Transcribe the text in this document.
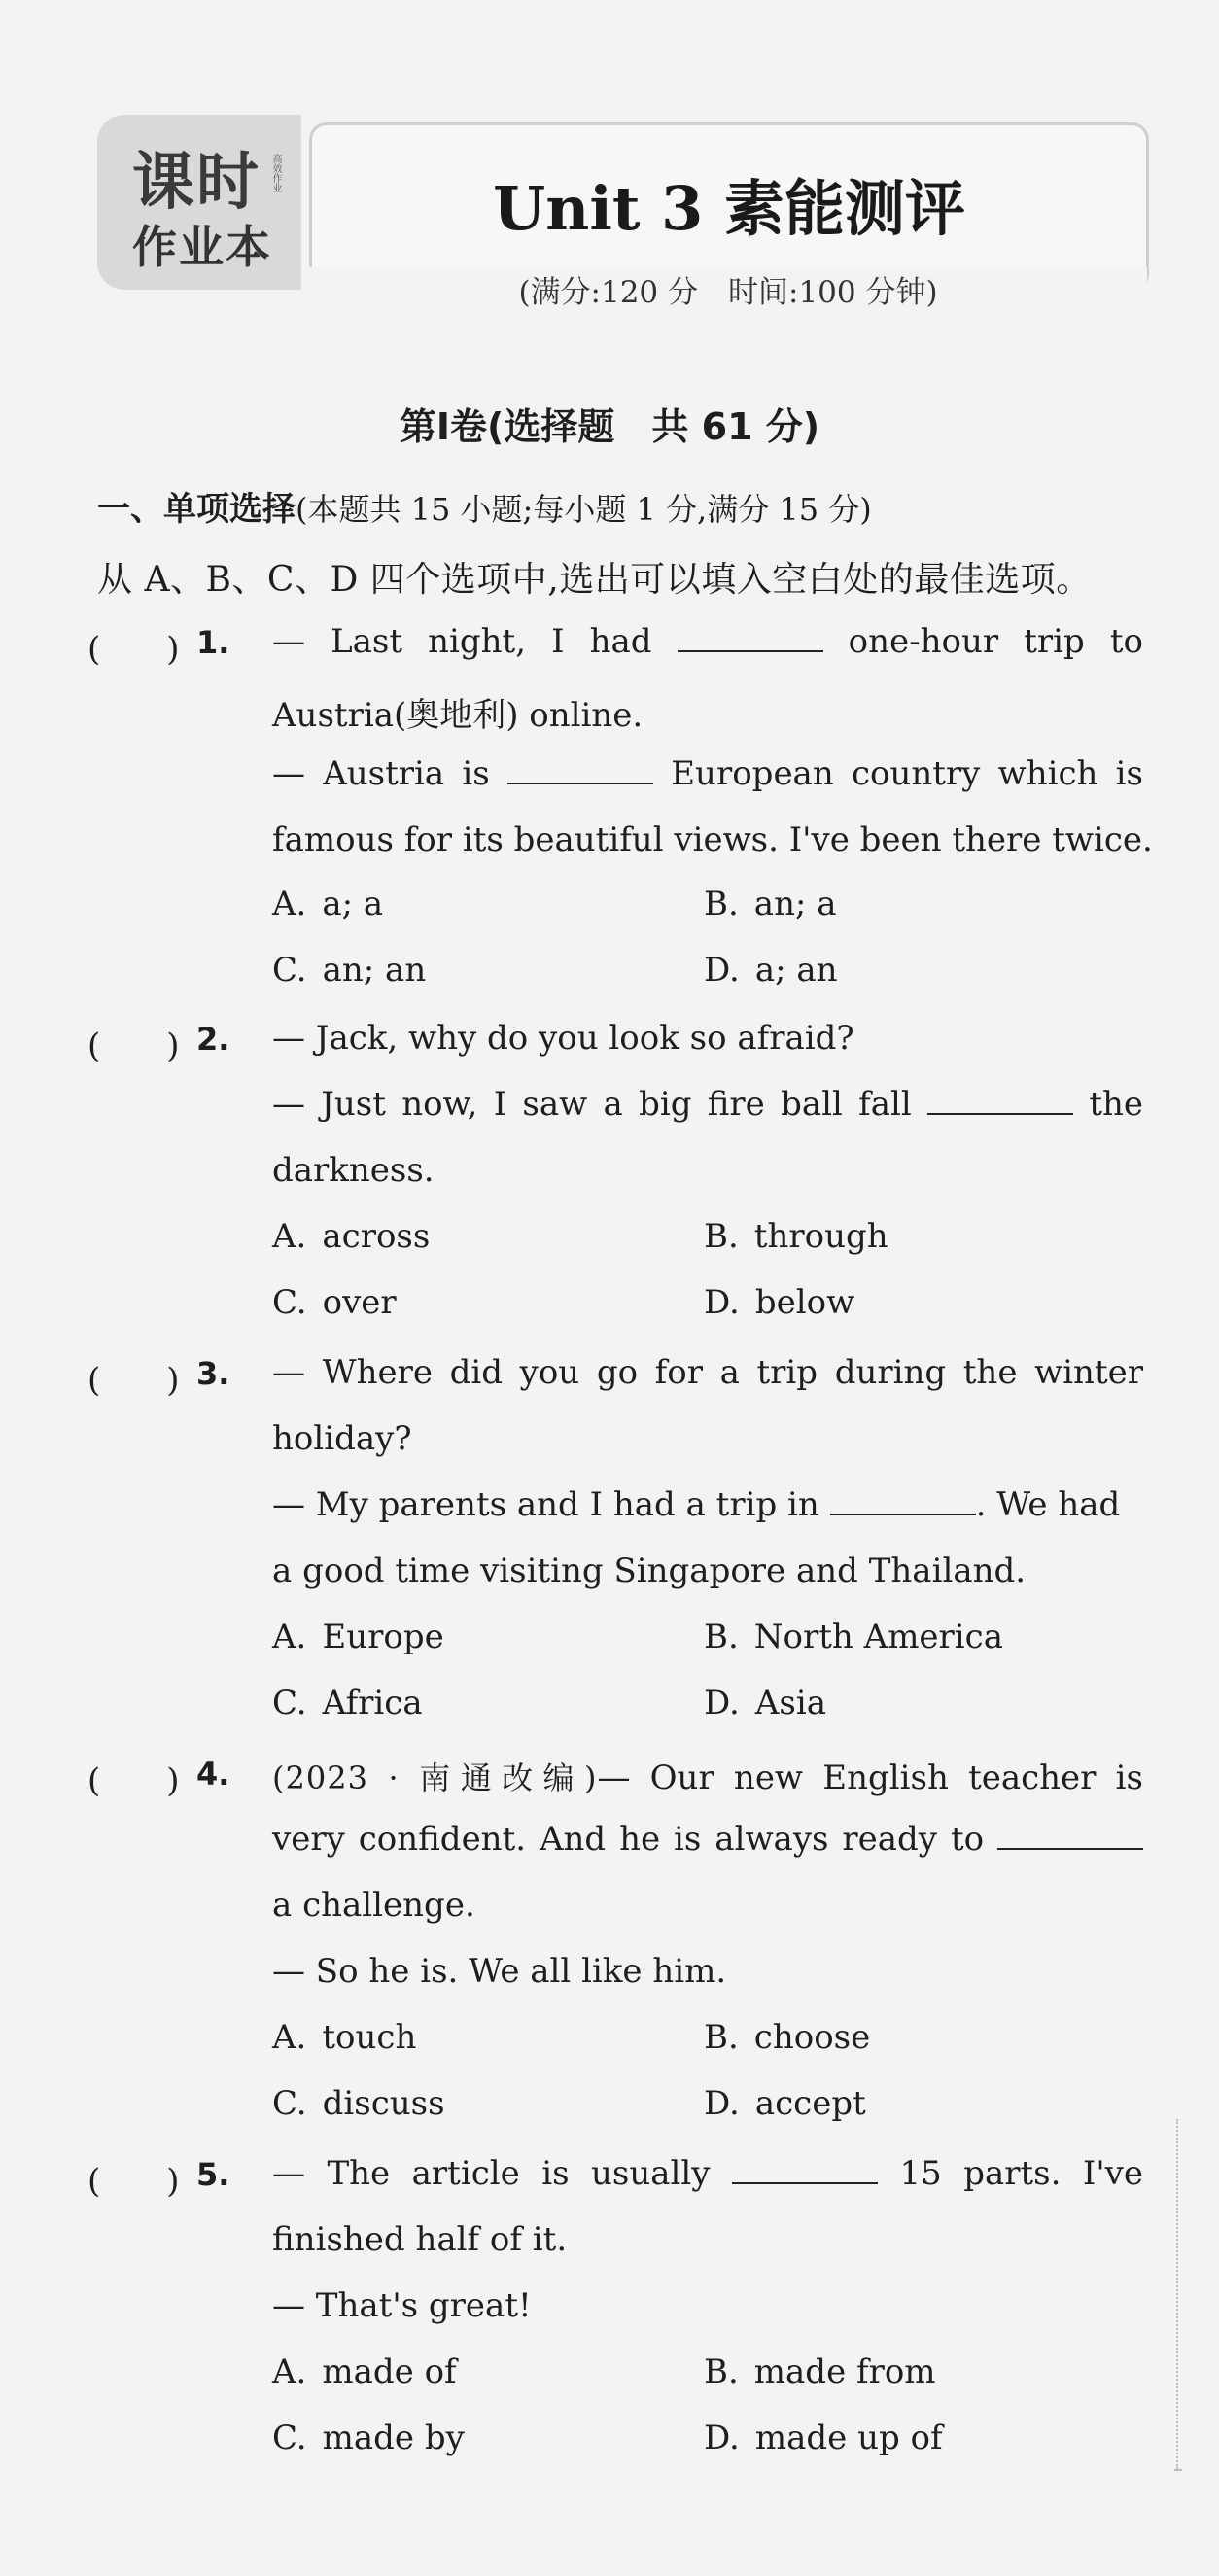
课时	高效作业
作业本
Unit 3 素能测评
(满分:120 分　时间:100 分钟)
第Ⅰ卷(选择题　共 61 分)
一、单项选择(本题共 15 小题;每小题 1 分,满分 15 分)
从 A、B、C、D 四个选项中,选出可以填入空白处的最佳选项。
(　　) 1. — Last night, I had	one-hour trip to
Austria(奥地利) online.
— Austria is	European country which is
famous for its beautiful views. I've been there twice.
A. a; a	B. an; a
C. an; an	D. a; an
(　　) 2. — Jack, why do you look so afraid?
— Just now, I saw a big fire ball fall	the
darkness.
A. across	B. through
C. over	D. below
(　　) 3. — Where did you go for a trip during the winter
holiday?
— My parents and I had a trip in	. We had
a good time visiting Singapore and Thailand.
A. Europe	B. North America
C. Africa	D. Asia
(　　) 4. (2023 · 南通改编)— Our new English teacher is
very confident. And he is always ready to
a challenge.
— So he is. We all like him.
A. touch	B. choose
C. discuss	D. accept
(　　) 5. — The article is usually	15 parts. I've
finished half of it.
— That's great!
A. made of	B. made from
C. made by	D. made up of
